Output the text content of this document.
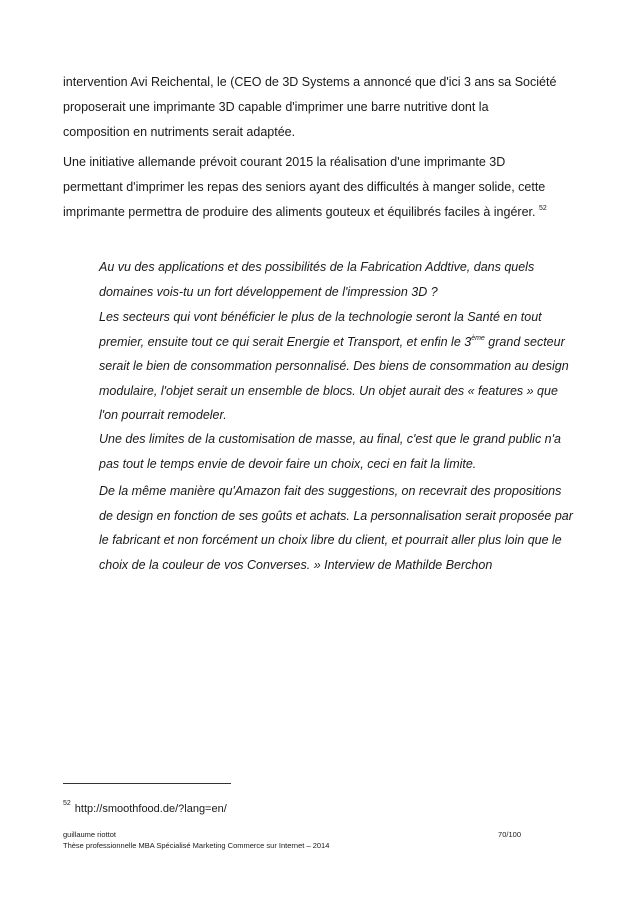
intervention Avi Reichental, le (CEO de 3D Systems a annoncé que d'ici 3 ans sa Société
proposerait une imprimante 3D capable d'imprimer une barre nutritive dont la
composition en nutriments serait adaptée.
Une initiative allemande prévoit courant 2015 la réalisation d'une imprimante 3D
permettant d'imprimer les repas des seniors ayant des difficultés à manger solide, cette
imprimante permettra de produire des aliments gouteux et équilibrés faciles à ingérer. $^{52}$
Au vu des applications et des possibilités de la Fabrication Addtive, dans quels
domaines vois-tu un fort développement de l'impression 3D ?
Les secteurs qui vont bénéficier le plus de la technologie seront la Santé en tout
premier, ensuite tout ce qui serait Energie et Transport, et enfin le 3ème grand secteur
serait le bien de consommation personnalisé. Des biens de consommation au design
modulaire, l'objet serait un ensemble de blocs. Un objet aurait des « features » que
l'on pourrait remodeler.
Une des limites de la customisation de masse, au final, c'est que le grand public n'a
pas tout le temps envie de devoir faire un choix, ceci en fait la limite.
De la même manière qu'Amazon fait des suggestions, on recevrait des propositions
de design en fonction de ses goûts et achats. La personnalisation serait proposée par
le fabricant et non forcément un choix libre du client, et pourrait aller plus loin que le
choix de la couleur de vos Converses. » Interview de Mathilde Berchon
$^{52}$ http://smoothfood.de/?lang=en/
guillaume riottot	70/100
Thèse professionnelle MBA Spécialisé Marketing Commerce sur Internet – 2014
